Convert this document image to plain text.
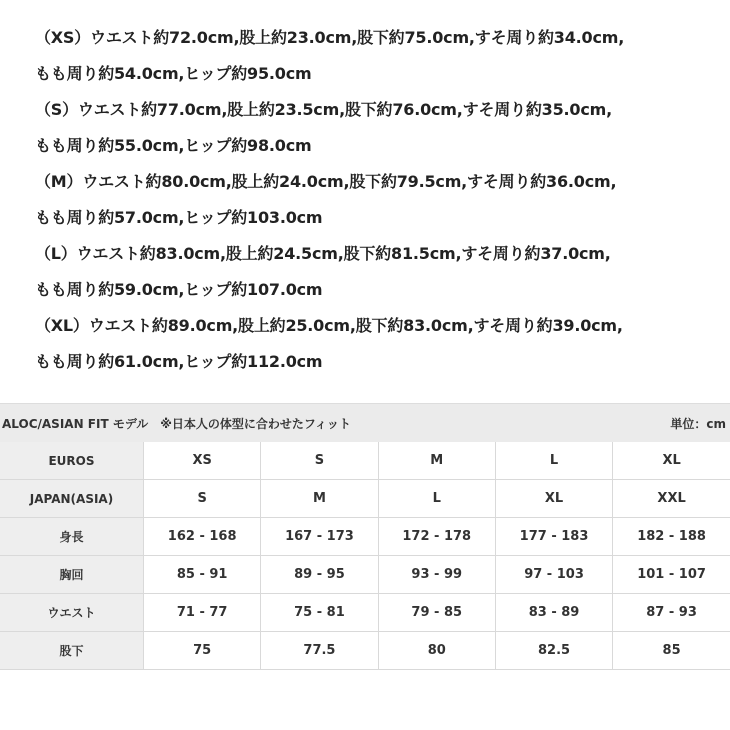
（XS）ウエスト約72.0cm,股上約23.0cm,股下約75.0cm,すそ周り約34.0cm,
もも周り約54.0cm,ヒップ約95.0cm
（S）ウエスト約77.0cm,股上約23.5cm,股下約76.0cm,すそ周り約35.0cm,
もも周り約55.0cm,ヒップ約98.0cm
（M）ウエスト約80.0cm,股上約24.0cm,股下約79.5cm,すそ周り約36.0cm,
もも周り約57.0cm,ヒップ約103.0cm
（L）ウエスト約83.0cm,股上約24.5cm,股下約81.5cm,すそ周り約37.0cm,
もも周り約59.0cm,ヒップ約107.0cm
（XL）ウエスト約89.0cm,股上約25.0cm,股下約83.0cm,すそ周り約39.0cm,
もも周り約61.0cm,ヒップ約112.0cm
ALOC/ASIAN FIT モデル　※日本人の体型に合わせたフィット	単位：cm
EUROS	XS	S	M	L	XL
JAPAN(ASIA)	S	M	L	XL	XXL
身長	162 - 168	167 - 173	172 - 178	177 - 183	182 - 188
胸回	85 - 91	89 - 95	93 - 99	97 - 103	101 - 107
ウエスト	71 - 77	75 - 81	79 - 85	83 - 89	87 - 93
股下	75	77.5	80	82.5	85
